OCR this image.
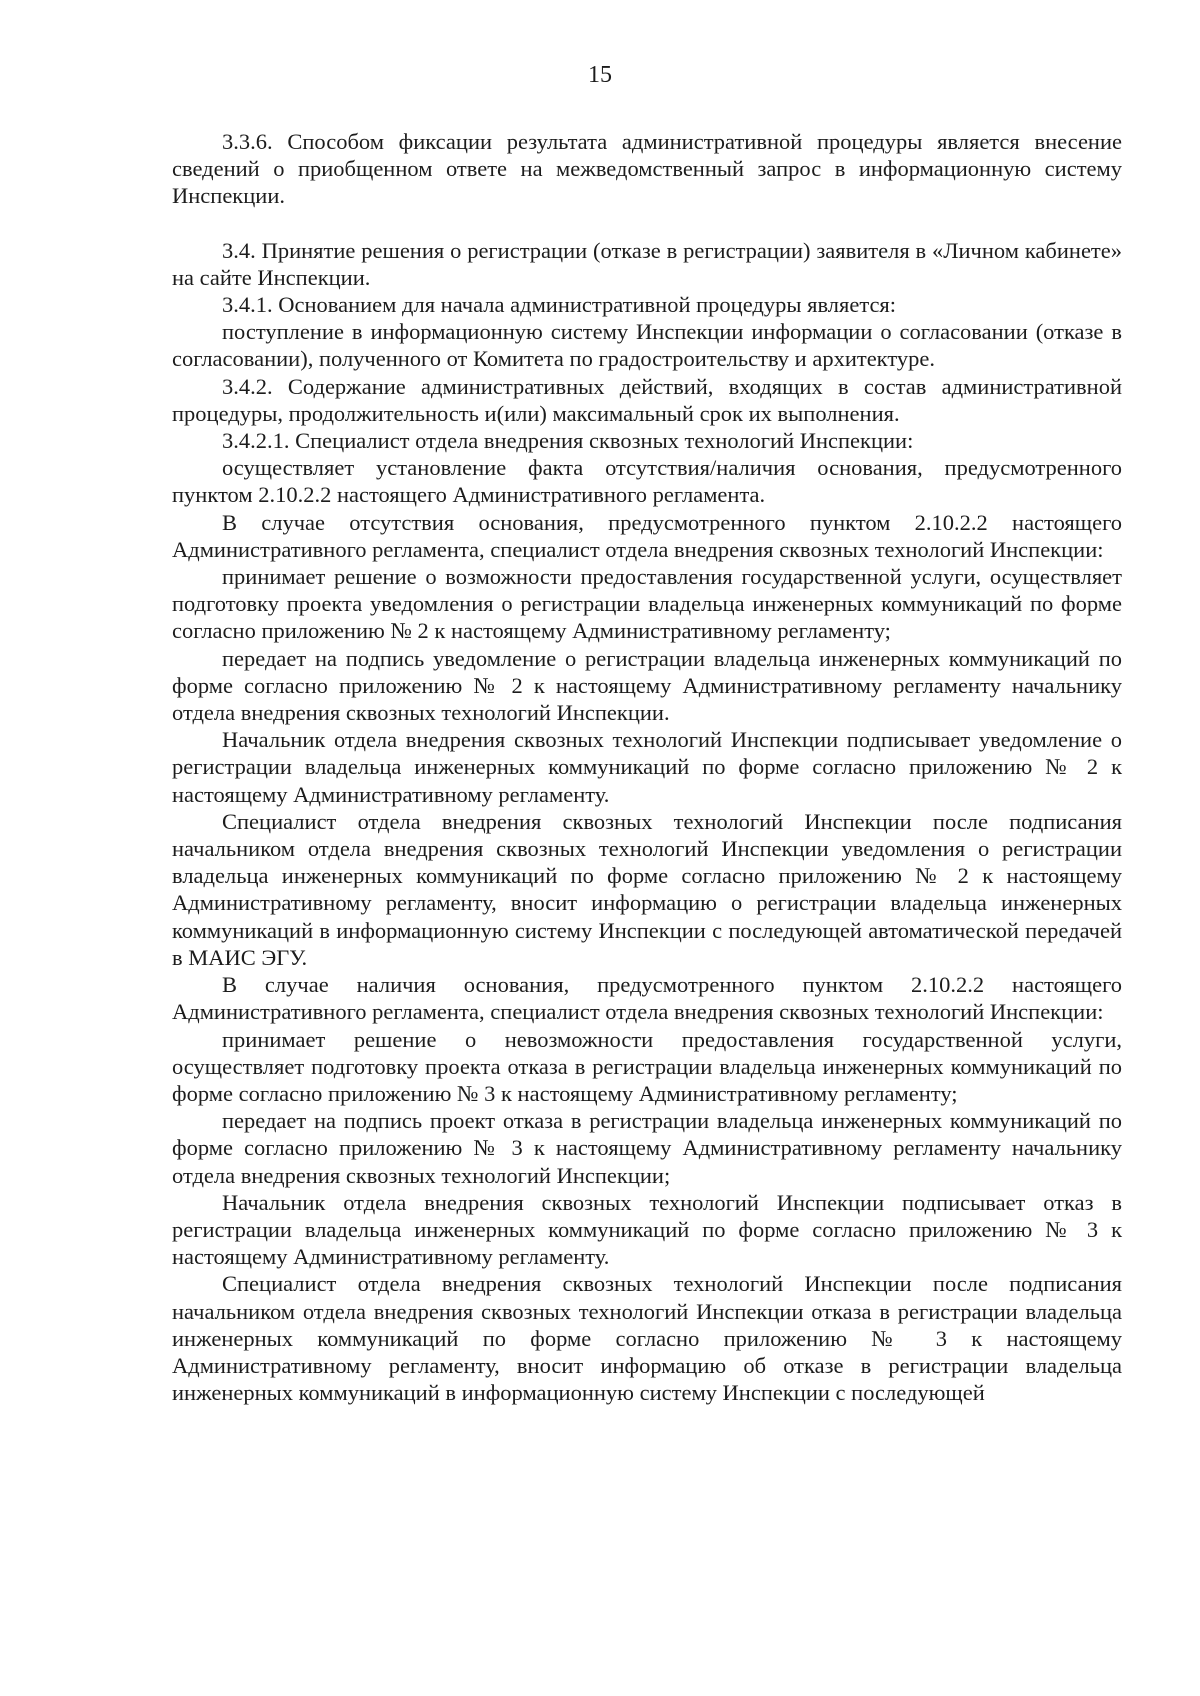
15

3.3.6. Способом фиксации результата административной процедуры является внесение сведений о приобщенном ответе на межведомственный запрос в информационную систему Инспекции.

3.4. Принятие решения о регистрации (отказе в регистрации) заявителя в «Личном кабинете» на сайте Инспекции.

3.4.1. Основанием для начала административной процедуры является:

поступление в информационную систему Инспекции информации о согласовании (отказе в согласовании), полученного от Комитета по градостроительству и архитектуре.

3.4.2. Содержание административных действий, входящих в состав административной процедуры, продолжительность и(или) максимальный срок их выполнения.

3.4.2.1. Специалист отдела внедрения сквозных технологий Инспекции:

осуществляет установление факта отсутствия/наличия основания, предусмотренного пунктом 2.10.2.2 настоящего Административного регламента.

В случае отсутствия основания, предусмотренного пунктом 2.10.2.2 настоящего Административного регламента, специалист отдела внедрения сквозных технологий Инспекции:

принимает решение о возможности предоставления государственной услуги, осуществляет подготовку проекта уведомления о регистрации владельца инженерных коммуникаций по форме согласно приложению № 2 к настоящему Административному регламенту;

передает на подпись уведомление о регистрации владельца инженерных коммуникаций по форме согласно приложению № 2 к настоящему Административному регламенту начальнику отдела внедрения сквозных технологий Инспекции.

Начальник отдела внедрения сквозных технологий Инспекции подписывает уведомление о регистрации владельца инженерных коммуникаций по форме согласно приложению № 2 к настоящему Административному регламенту.

Специалист отдела внедрения сквозных технологий Инспекции после подписания начальником отдела внедрения сквозных технологий Инспекции уведомления о регистрации владельца инженерных коммуникаций по форме согласно приложению № 2 к настоящему Административному регламенту, вносит информацию о регистрации владельца инженерных коммуникаций в информационную систему Инспекции с последующей автоматической передачей в МАИС ЭГУ.

В случае наличия основания, предусмотренного пунктом 2.10.2.2 настоящего Административного регламента, специалист отдела внедрения сквозных технологий Инспекции:

принимает решение о невозможности предоставления государственной услуги, осуществляет подготовку проекта отказа в регистрации владельца инженерных коммуникаций по форме согласно приложению № 3 к настоящему Административному регламенту;

передает на подпись проект отказа в регистрации владельца инженерных коммуникаций по форме согласно приложению № 3 к настоящему Административному регламенту начальнику отдела внедрения сквозных технологий Инспекции;

Начальник отдела внедрения сквозных технологий Инспекции подписывает отказ в регистрации владельца инженерных коммуникаций по форме согласно приложению № 3 к настоящему Административному регламенту.

Специалист отдела внедрения сквозных технологий Инспекции после подписания начальником отдела внедрения сквозных технологий Инспекции отказа в регистрации владельца инженерных коммуникаций по форме согласно приложению № 3 к настоящему Административному регламенту, вносит информацию об отказе в регистрации владельца инженерных коммуникаций в информационную систему Инспекции с последующей
